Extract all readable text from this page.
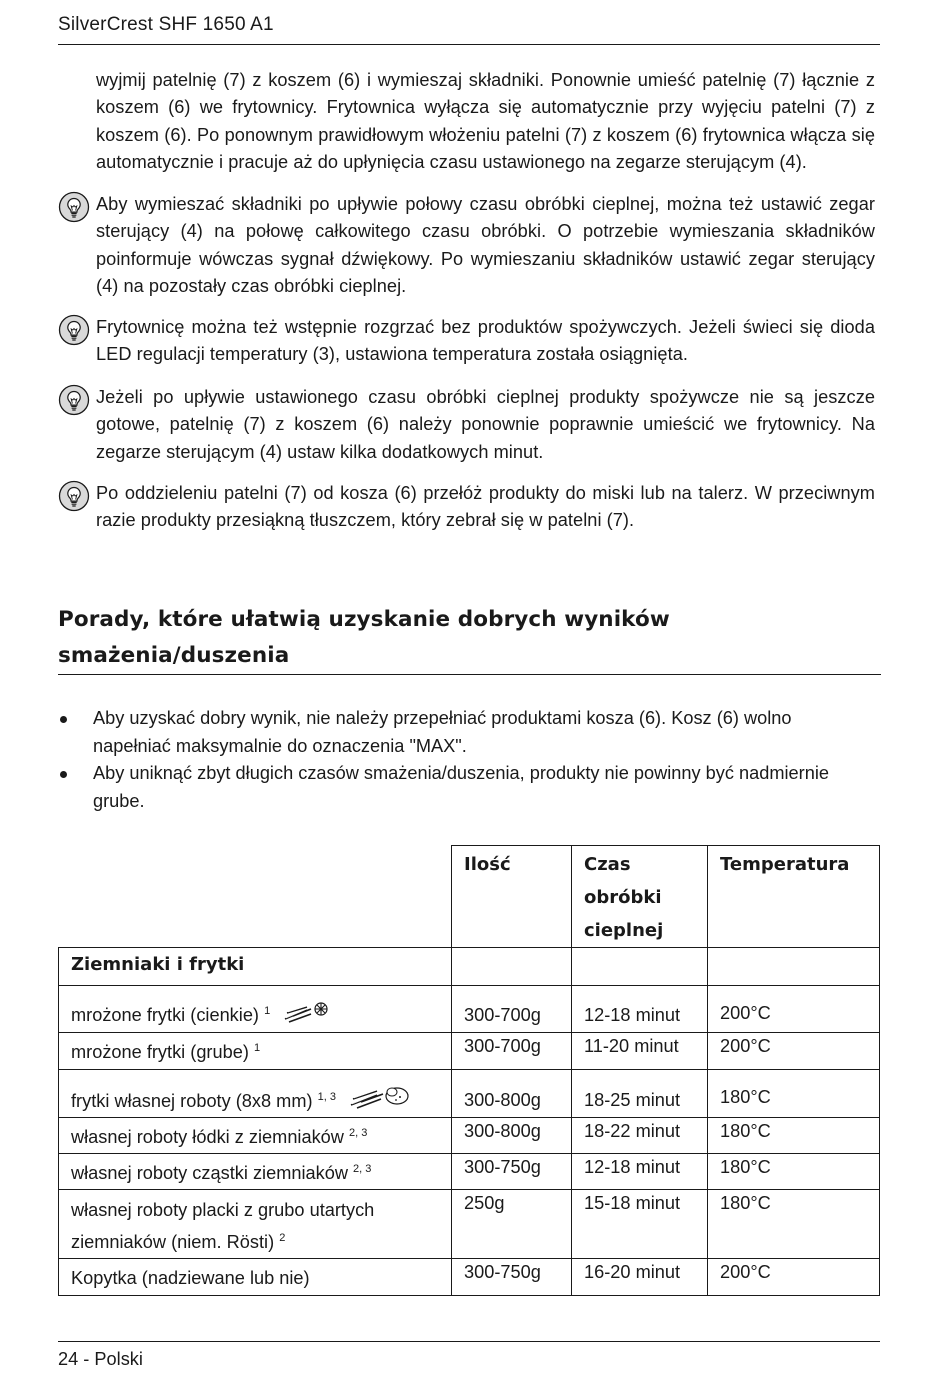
SilverCrest SHF 1650 A1
wyjmij patelnię (7) z koszem (6) i wymieszaj składniki. Ponownie umieść patelnię (7) łącznie z koszem (6) we frytownicy. Frytownica wyłącza się automatycznie przy wyjęciu patelni (7) z koszem (6). Po ponownym prawidłowym włożeniu patelni (7) z koszem (6) frytownica włącza się automatycznie i pracuje aż do upłynięcia czasu ustawionego na zegarze sterującym (4).
Aby wymieszać składniki po upływie połowy czasu obróbki cieplnej, można też ustawić zegar sterujący (4) na połowę całkowitego czasu obróbki. O potrzebie wymieszania składników poinformuje wówczas sygnał dźwiękowy. Po wymieszaniu składników ustawić zegar sterujący (4) na pozostały czas obróbki cieplnej.
Frytownicę można też wstępnie rozgrzać bez produktów spożywczych. Jeżeli świeci się dioda LED regulacji temperatury (3), ustawiona temperatura została osiągnięta.
Jeżeli po upływie ustawionego czasu obróbki cieplnej produkty spożywcze nie są jeszcze gotowe, patelnię (7) z koszem (6) należy ponownie poprawnie umieścić we frytownicy. Na zegarze sterującym (4) ustaw kilka dodatkowych minut.
Po oddzieleniu patelni (7) od kosza (6) przełóż produkty do miski lub na talerz. W przeciwnym razie produkty przesiąkną tłuszczem, który zebrał się w patelni (7).
Porady, które ułatwią uzyskanie dobrych wyników
smażenia/duszenia
Aby uzyskać dobry wynik, nie należy przepełniać produktami kosza (6). Kosz (6) wolno
napełniać maksymalnie do oznaczenia "MAX".
Aby uniknąć zbyt długich czasów smażenia/duszenia, produkty nie powinny być nadmiernie
grube.
	Ilość	Czas
obróbki
cieplnej	Temperatura
Ziemniaki i frytki			
mrożone frytki (cienkie) $^1$	300-700g	12-18 minut	200°C
mrożone frytki (grube) $^1$	300-700g	11-20 minut	200°C
frytki własnej roboty (8x8 mm) $^{1, 3}$	300-800g	18-25 minut	180°C
własnej roboty łódki z ziemniaków $^{2, 3}$	300-800g	18-22 minut	180°C
własnej roboty cząstki ziemniaków $^{2, 3}$	300-750g	12-18 minut	180°C

własnej roboty placki z grubo utartych
ziemniaków (niem. Rösti) $^2$	250g	15-18 minut	180°C
Kopytka (nadziewane lub nie)	300-750g	16-20 minut	200°C
24 - Polski
